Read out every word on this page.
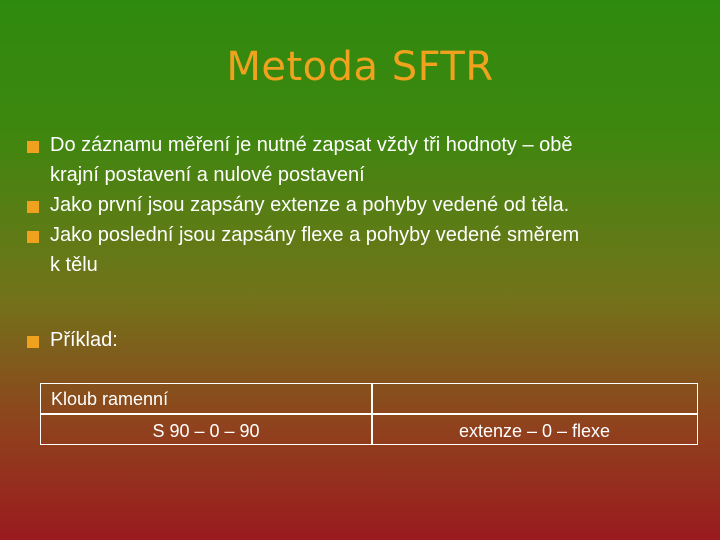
Metoda SFTR
Do záznamu měření je nutné zapsat vždy tři hodnoty – obě
krajní postavení a nulové postavení
Jako první jsou zapsány extenze a pohyby vedené od těla.
Jako poslední jsou zapsány flexe a pohyby vedené směrem
k tělu
Příklad:
Kloub ramenní
S 90 – 0 – 90	extenze – 0 – flexe
